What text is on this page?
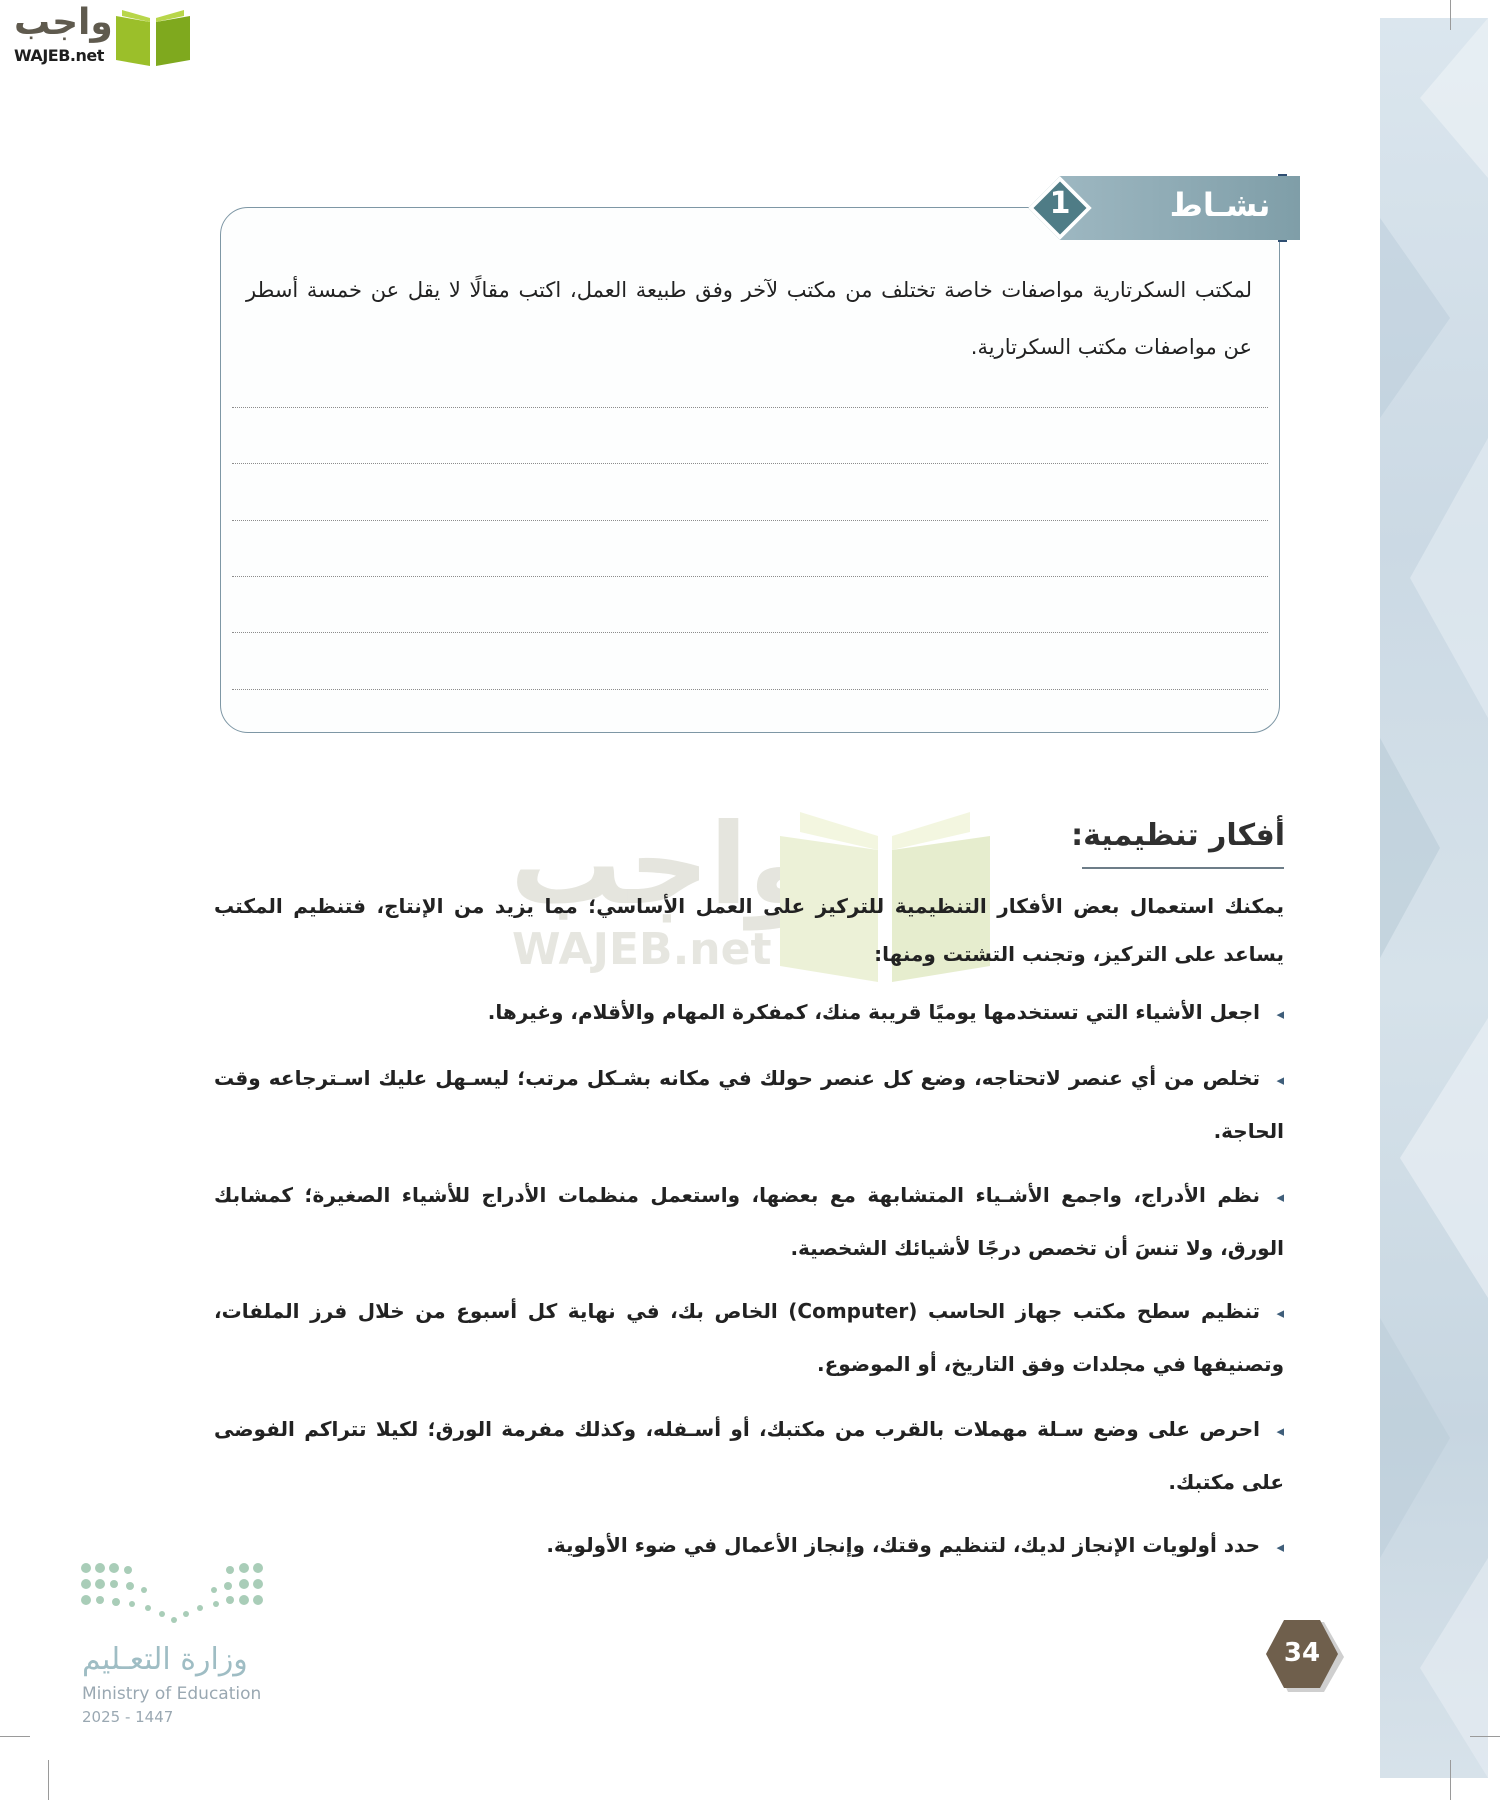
واجب
WAJEB.net
نشـاط
1
لمكتب السكرتارية مواصفات خاصة تختلف من مكتب لآخر وفق طبيعة العمل، اكتب مقالًا لا يقل عن خمسة أسطر عن مواصفات مكتب السكرتارية.
واجب
WAJEB.net
أفكار تنظيمية:
يمكنك استعمال بعض الأفكار التنظيمية للتركيز على العمل الأساسي؛ مما يزيد من الإنتاج، فتنظيم المكتب يساعد على التركيز، وتجنب التشتت ومنها:
◂اجعل الأشياء التي تستخدمها يوميًا قريبة منك، كمفكرة المهام والأقلام، وغيرها.
◂تخلص من أي عنصر لاتحتاجه، وضع كل عنصر حولك في مكانه بشـكل مرتب؛ ليسـهل عليك اسـترجاعه وقت الحاجة.
◂نظم الأدراج، واجمع الأشـياء المتشابهة مع بعضها، واستعمل منظمات الأدراج للأشياء الصغيرة؛ كمشابك الورق، ولا تنسَ أن تخصص درجًا لأشيائك الشخصية.
◂تنظيم سطح مكتب جهاز الحاسب (Computer) الخاص بك، في نهاية كل أسبوع من خلال فرز الملفات، وتصنيفها في مجلدات وفق التاريخ، أو الموضوع.
◂احرص على وضع سـلة مهملات بالقرب من مكتبك، أو أسـفله، وكذلك مفرمة الورق؛ لكيلا تتراكم الفوضى على مكتبك.
◂حدد أولويات الإنجاز لديك، لتنظيم وقتك، وإنجاز الأعمال في ضوء الأولوية.
34
وزارة التعـليم
Ministry of Education
2025 - 1447
